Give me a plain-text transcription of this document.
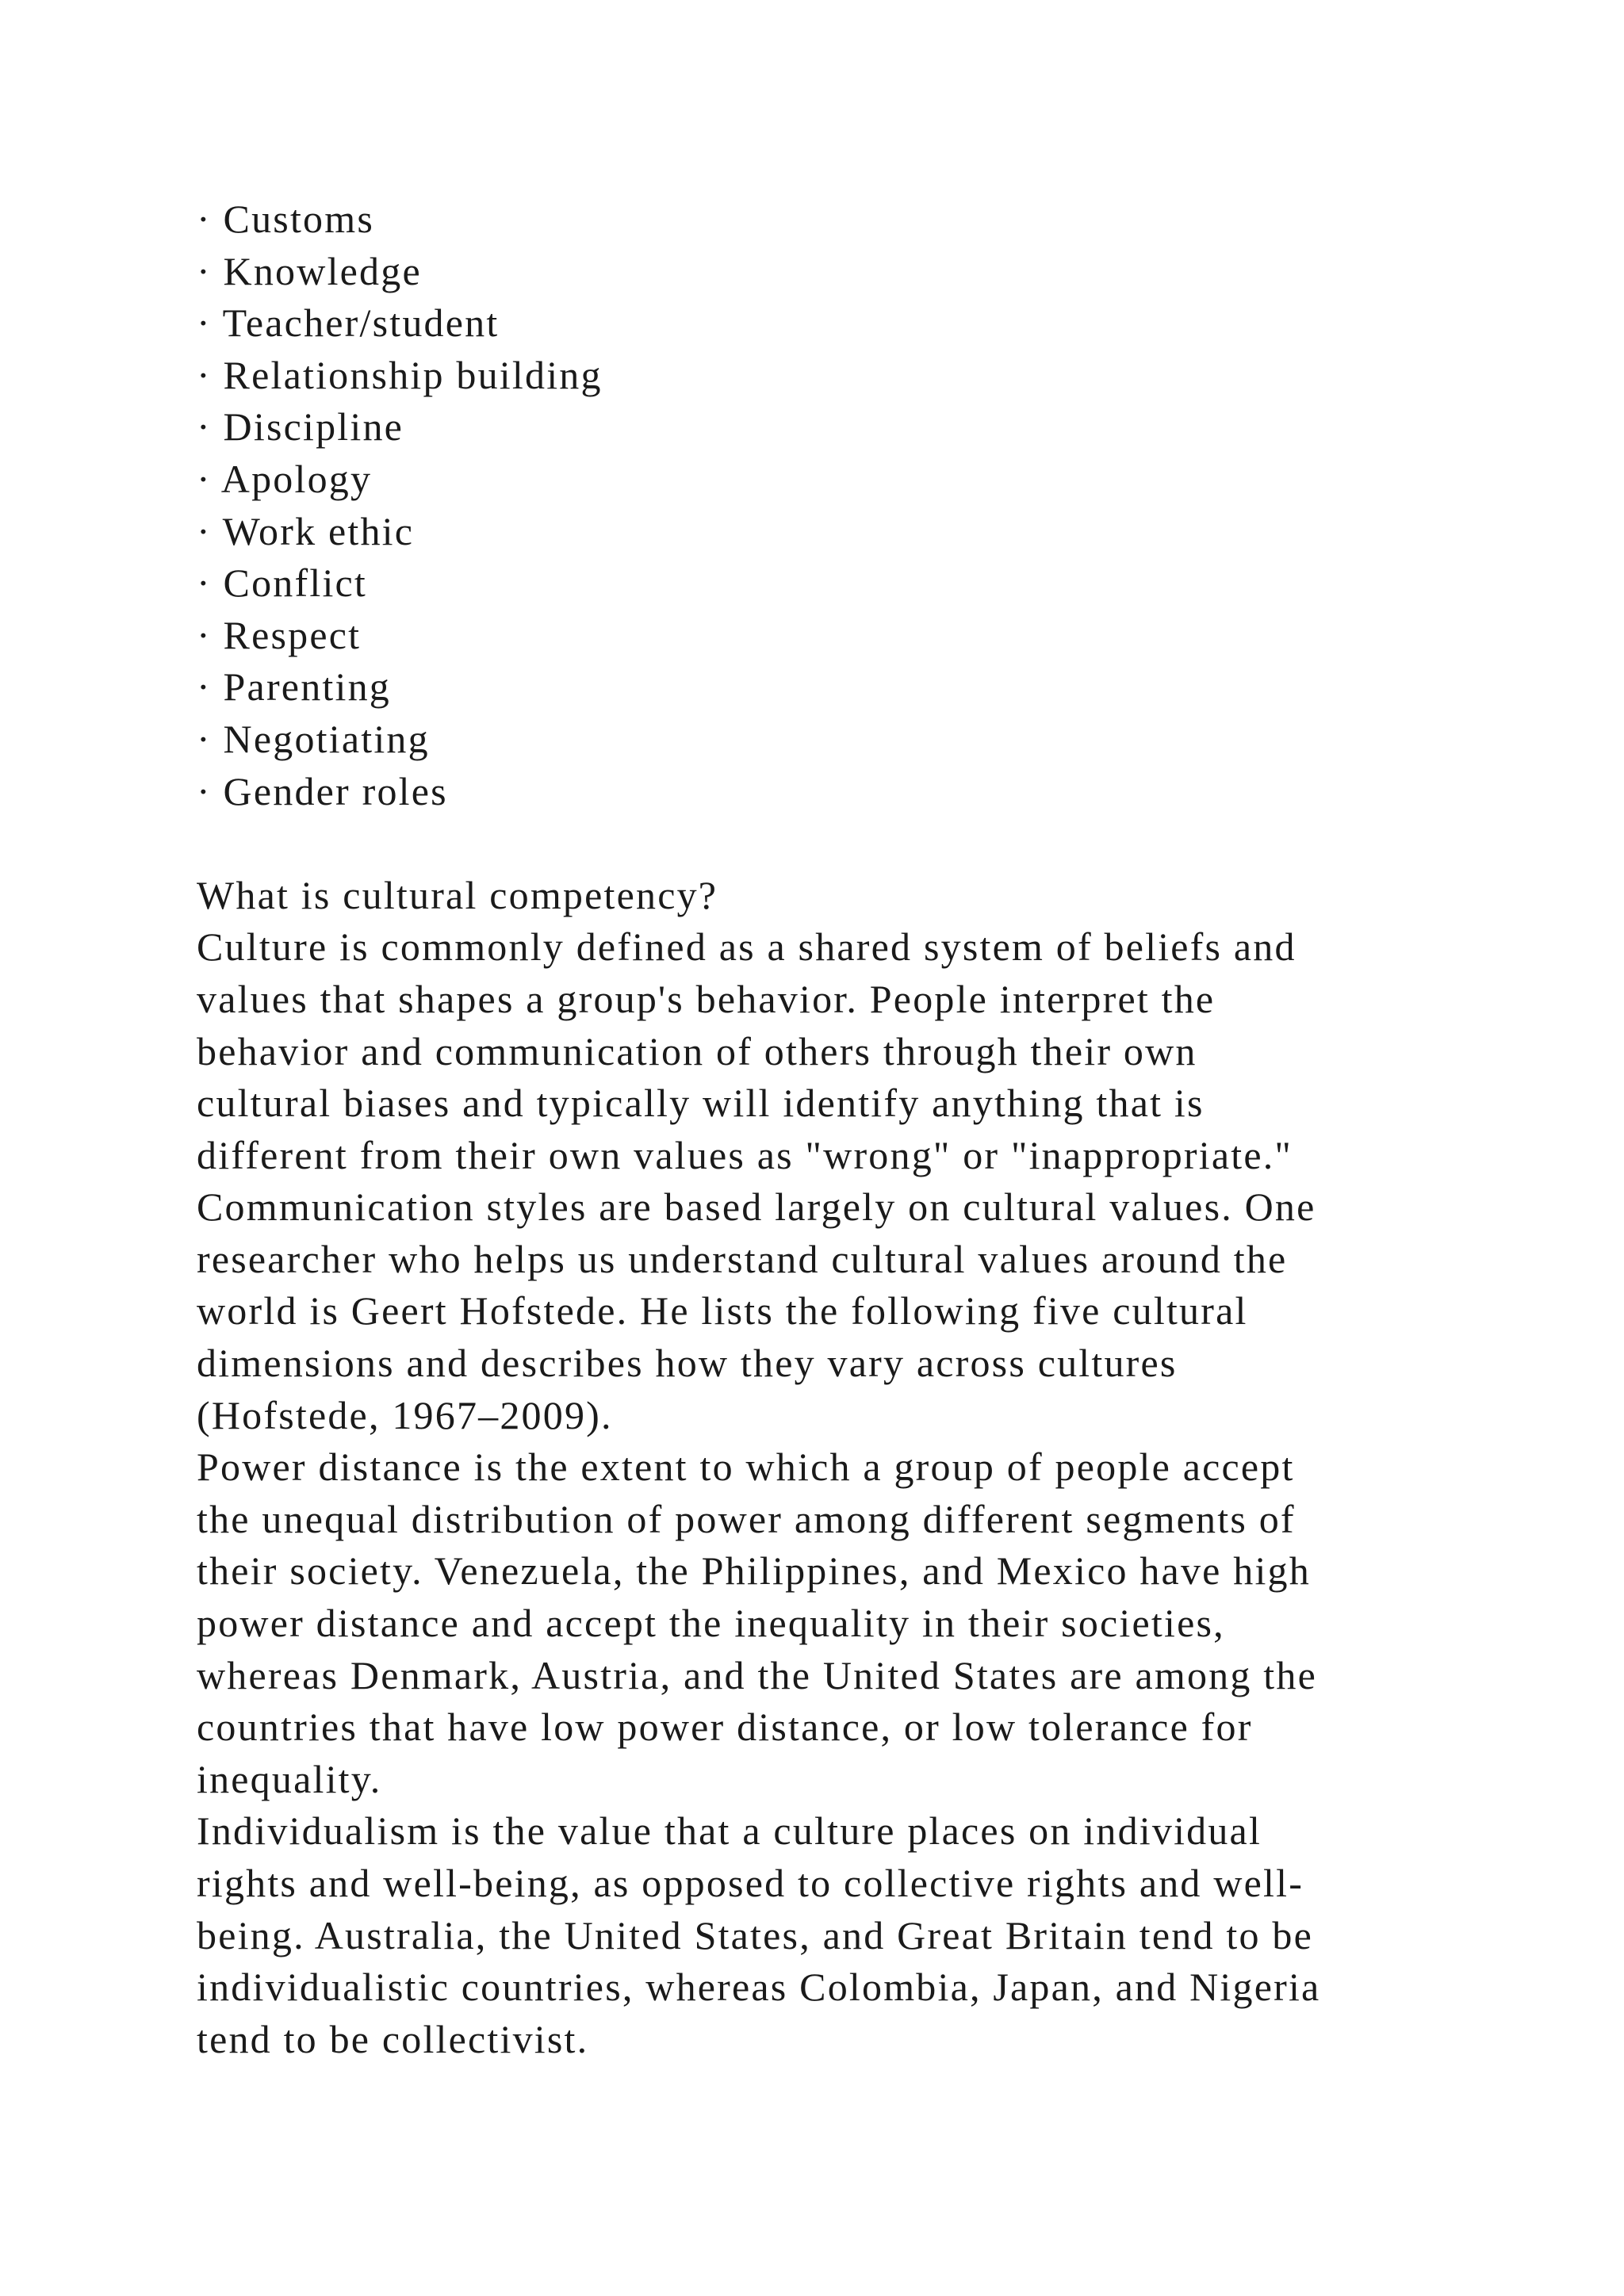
· Customs
· Knowledge
· Teacher/student
· Relationship building
· Discipline
· Apology
· Work ethic
· Conflict
· Respect
· Parenting
· Negotiating
· Gender roles
What is cultural competency?
Culture is commonly defined as a shared system of beliefs and
values that shapes a group's behavior. People interpret the
behavior and communication of others through their own
cultural biases and typically will identify anything that is
different from their own values as "wrong" or "inappropriate."
Communication styles are based largely on cultural values. One
researcher who helps us understand cultural values around the
world is Geert Hofstede. He lists the following five cultural
dimensions and describes how they vary across cultures
(Hofstede, 1967–2009).
Power distance is the extent to which a group of people accept
the unequal distribution of power among different segments of
their society. Venezuela, the Philippines, and Mexico have high
power distance and accept the inequality in their societies,
whereas Denmark, Austria, and the United States are among the
countries that have low power distance, or low tolerance for
inequality.
Individualism is the value that a culture places on individual
rights and well-being, as opposed to collective rights and well-
being. Australia, the United States, and Great Britain tend to be
individualistic countries, whereas Colombia, Japan, and Nigeria
tend to be collectivist.
